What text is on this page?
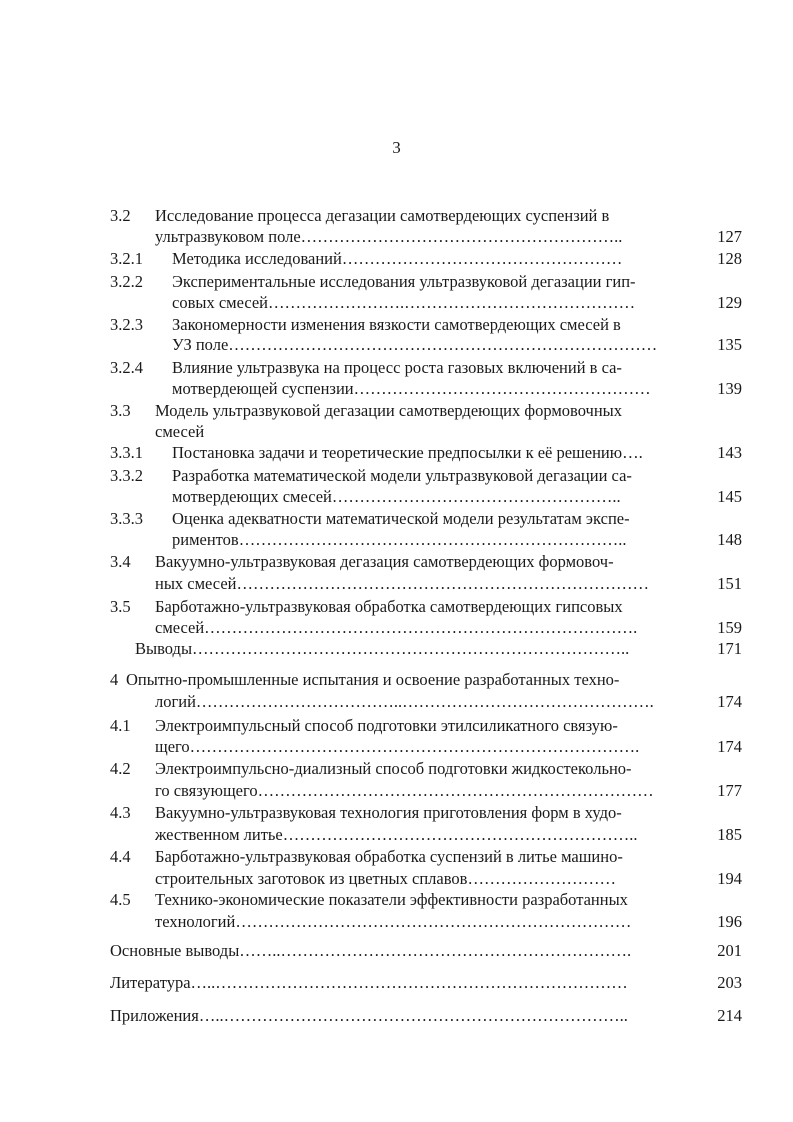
3
3.2 Исследование процесса дегазации самотвердеющих суспензий в
ультразвуковом поле…………………………………………………..	127
3.2.1 Методика исследований……………………………………………	128
3.2.2 Экспериментальные исследования ультразвуковой дегазации гип-
совых смесей…………………….……………………………………	129
3.2.3 Закономерности изменения вязкости самотвердеющих смесей в
УЗ поле……………………………………………………………………	135
3.2.4 Влияние ультразвука на процесс роста газовых включений в са-
мотвердеющей суспензии………………………………………………	139
3.3 Модель ультразвуковой дегазации самотвердеющих формовочных
смесей
3.3.1 Постановка задачи и теоретические предпосылки к её решению….	143
3.3.2 Разработка математической модели ультразвуковой дегазации са-
мотвердеющих смесей……………………………………………..	145
3.3.3 Оценка адекватности математической модели результатам экспе-
риментов……………………………………………………………..	148
3.4 Вакуумно-ультразвуковая дегазация самотвердеющих формовоч-
ных смесей…………………………………………………………………	151
3.5 Барботажно-ультразвуковая обработка самотвердеющих гипсовых
смесей…………………………………………………………………….	159
Выводы……………………………………………………………………..	171
4 Опытно-промышленные испытания и освоение разработанных техно-
логий………………………………..……………………………………….	174
4.1 Электроимпульсный способ подготовки этилсиликатного связую-
щего……………………………………………………………………….	174
4.2 Электроимпульсно-диализный способ подготовки жидкостекольно-
го связующего………………………………………………………………	177
4.3 Вакуумно-ультразвуковая технология приготовления форм в худо-
жественном литье………………………………………………………..	185
4.4 Барботажно-ультразвуковая обработка суспензий в литье машино-
строительных заготовок из цветных сплавов………………………	194
4.5 Технико-экономические показатели эффективности разработанных
технологий………………………………………………………………	196
Основные выводы……..……………………………………………………….	201
Литература…..…………………………………………………………………	203
Приложения…..………………………………………………………………..	214
